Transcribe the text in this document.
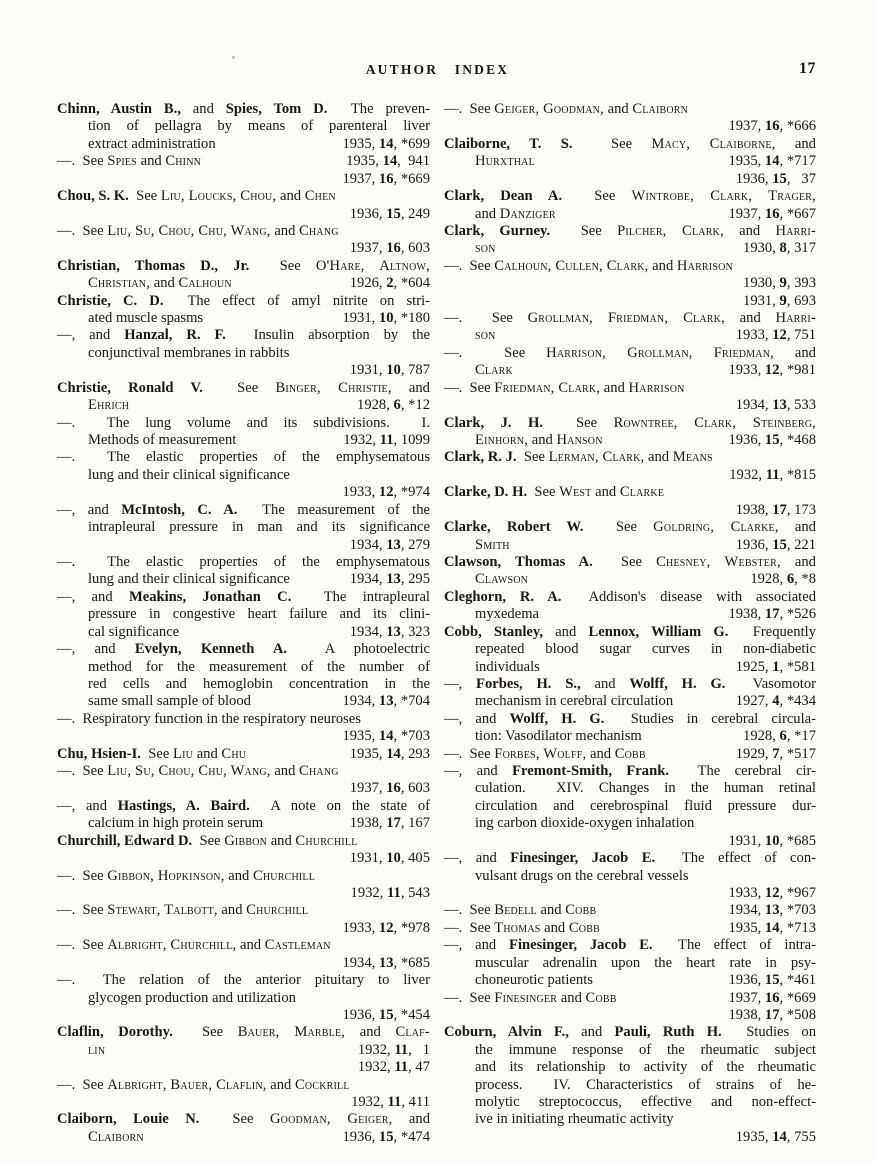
AUTHOR INDEX	17
Chinn, Austin B., and Spies, Tom D.  The preven-
tion of pellagra by means of parenteral liver
extract administration	1935, 14, *699
—.  See Spies and Chinn	1935, 14,  941
1937, 16, *669
Chou, S. K.  See Liu, Loucks, Chou, and Chen
1936, 15, 249
—.  See Liu, Su, Chou, Chu, Wang, and Chang
1937, 16, 603
Christian, Thomas D., Jr.  See O'Hare, Altnow,
Christian, and Calhoun	1926, 2, *604
Christie, C. D.  The effect of amyl nitrite on stri-
ated muscle spasms	1931, 10, *180
—, and Hanzal, R. F.  Insulin absorption by the
conjunctival membranes in rabbits
1931, 10, 787
Christie, Ronald V.  See Binger, Christie, and
Ehrich	1928, 6, *12
—.  The lung volume and its subdivisions.  I.
Methods of measurement	1932, 11, 1099
—.  The elastic properties of the emphysematous
lung and their clinical significance
1933, 12, *974
—, and McIntosh, C. A.  The measurement of the
intrapleural pressure in man and its significance
1934, 13, 279
—.  The elastic properties of the emphysematous
lung and their clinical significance	1934, 13, 295
—, and Meakins, Jonathan C.  The intrapleural
pressure in congestive heart failure and its clini-
cal significance	1934, 13, 323
—, and Evelyn, Kenneth A.  A photoelectric
method for the measurement of the number of
red cells and hemoglobin concentration in the
same small sample of blood	1934, 13, *704
—.  Respiratory function in the respiratory neuroses
1935, 14, *703
Chu, Hsien-I.  See Liu and Chu	1935, 14, 293
—.  See Liu, Su, Chou, Chu, Wang, and Chang
1937, 16, 603
—, and Hastings, A. Baird.  A note on the state of
calcium in high protein serum	1938, 17, 167
Churchill, Edward D.  See Gibbon and Churchill
1931, 10, 405
—.  See Gibbon, Hopkinson, and Churchill
1932, 11, 543
—.  See Stewart, Talbott, and Churchill
1933, 12, *978
—.  See Albright, Churchill, and Castleman
1934, 13, *685
—.  The relation of the anterior pituitary to liver
glycogen production and utilization
1936, 15, *454
Claflin, Dorothy.  See Bauer, Marble, and Claf-
lin	1932, 11,   1
1932, 11, 47
—.  See Albright, Bauer, Claflin, and Cockrill
1932, 11, 411
Claiborn, Louie N.  See Goodman, Geiger, and
Claiborn	1936, 15, *474
—.  See Geiger, Goodman, and Claiborn
1937, 16, *666
Claiborne, T. S.  See Macy, Claiborne, and
Hurxthal	1935, 14, *717
1936, 15,   37
Clark, Dean A.  See Wintrobe, Clark, Trager,
and Danziger	1937, 16, *667
Clark, Gurney.  See Pilcher, Clark, and Harri-
son	1930, 8, 317
—.  See Calhoun, Cullen, Clark, and Harrison
1930, 9, 393
1931, 9, 693
—.  See Grollman, Friedman, Clark, and Harri-
son	1933, 12, 751
—.  See Harrison, Grollman, Friedman, and
Clark	1933, 12, *981
—.  See Friedman, Clark, and Harrison
1934, 13, 533
Clark, J. H.  See Rowntree, Clark, Steinberg,
Einhorn, and Hanson	1936, 15, *468
Clark, R. J.  See Lerman, Clark, and Means
1932, 11, *815
Clarke, D. H.  See West and Clarke
1938, 17, 173
Clarke, Robert W.  See Goldring, Clarke, and
Smith	1936, 15, 221
Clawson, Thomas A.  See Chesney, Webster, and
Clawson	1928, 6, *8
Cleghorn, R. A.  Addison's disease with associated
myxedema	1938, 17, *526
Cobb, Stanley, and Lennox, William G.  Frequently
repeated blood sugar curves in non-diabetic
individuals	1925, 1, *581
—, Forbes, H. S., and Wolff, H. G.  Vasomotor
mechanism in cerebral circulation	1927, 4, *434
—, and Wolff, H. G.  Studies in cerebral circula-
tion: Vasodilator mechanism	1928, 6, *17
—.  See Forbes, Wolff, and Cobb	1929, 7, *517
—, and Fremont-Smith, Frank.  The cerebral cir-
culation.  XIV. Changes in the human retinal
circulation and cerebrospinal fluid pressure dur-
ing carbon dioxide-oxygen inhalation
1931, 10, *685
—, and Finesinger, Jacob E.  The effect of con-
vulsant drugs on the cerebral vessels
1933, 12, *967
—.  See Bedell and Cobb	1934, 13, *703
—.  See Thomas and Cobb	1935, 14, *713
—, and Finesinger, Jacob E.  The effect of intra-
muscular adrenalin upon the heart rate in psy-
choneurotic patients	1936, 15, *461
—.  See Finesinger and Cobb	1937, 16, *669
1938, 17, *508
Coburn, Alvin F., and Pauli, Ruth H.  Studies on
the immune response of the rheumatic subject
and its relationship to activity of the rheumatic
process.  IV. Characteristics of strains of he-
molytic streptococcus, effective and non-effect-
ive in initiating rheumatic activity
1935, 14, 755
